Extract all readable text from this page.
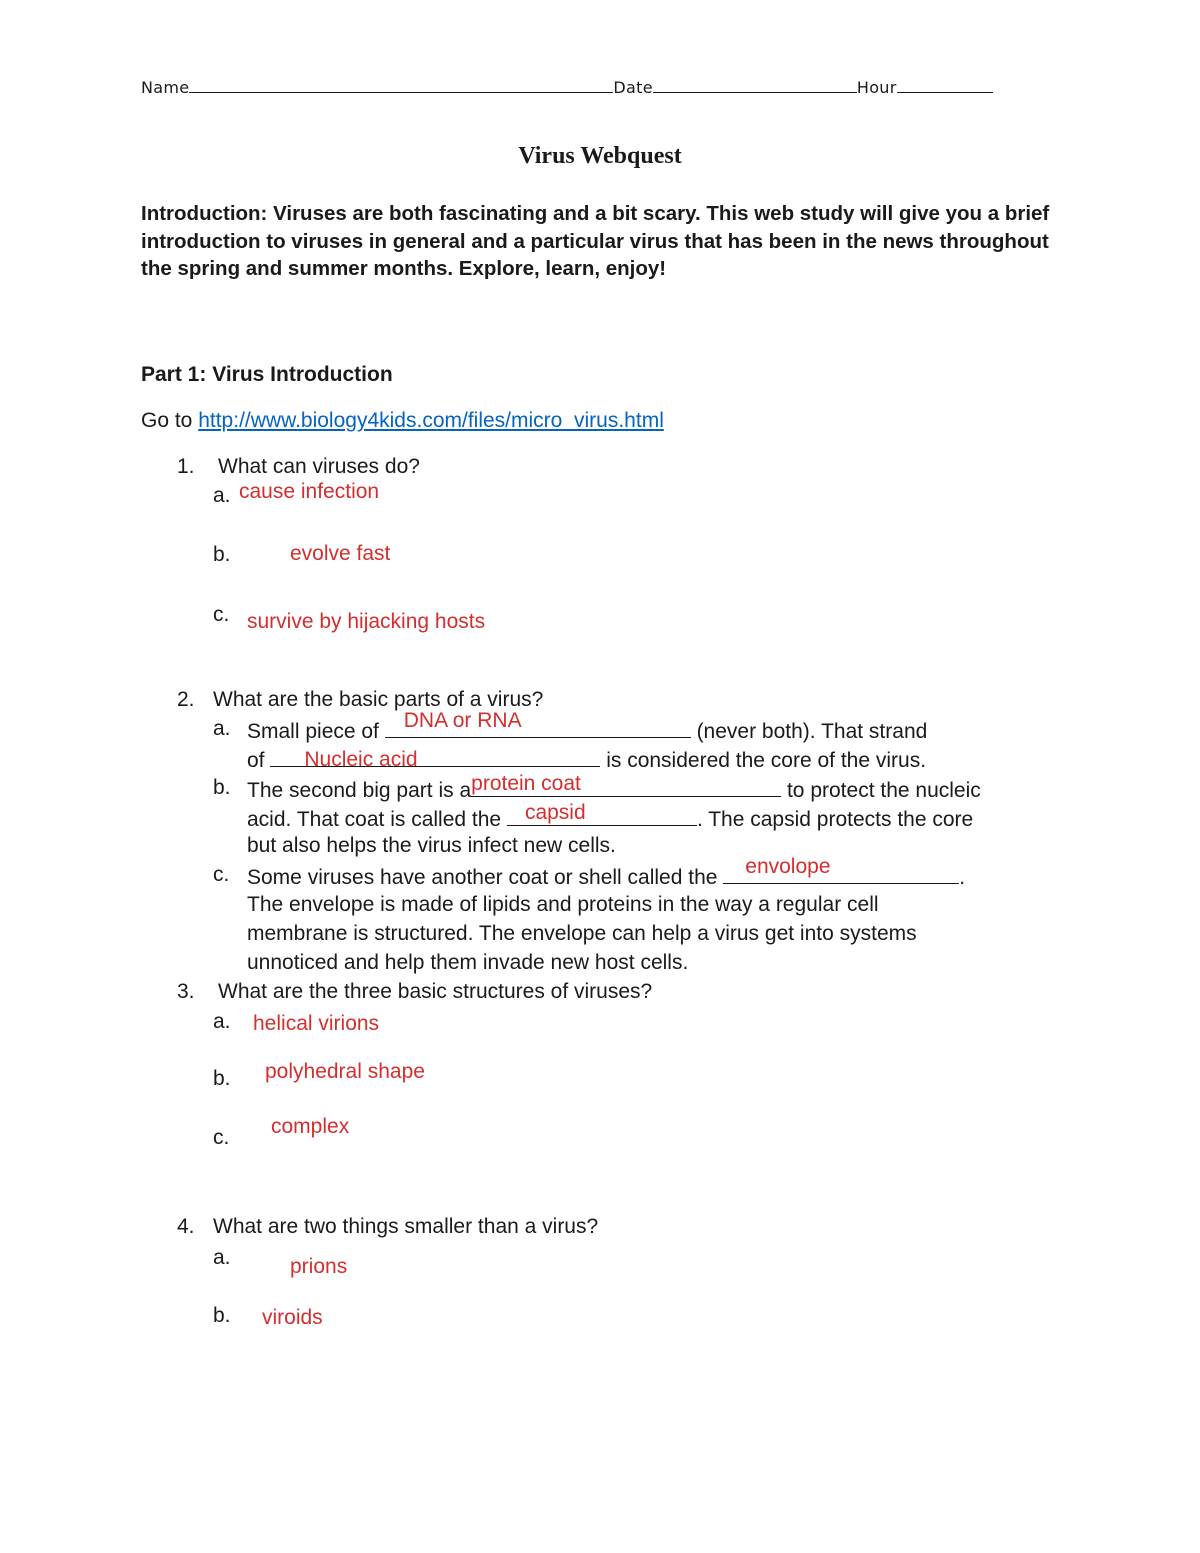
Name	Date	Hour
Virus Webquest
Introduction: Viruses are both fascinating and a bit scary. This web study will give you a brief introduction to viruses in general and a particular virus that has been in the news throughout the spring and summer months. Explore, learn, enjoy!
Part 1: Virus Introduction
Go to http://www.biology4kids.com/files/micro_virus.html
1. What can viruses do?
a. cause infection
b.	evolve fast
c. survive by hijacking hosts
2. What are the basic parts of a virus?
a. Small piece of DNA or RNA	(never both). That strand
of Nucleic acid	is considered the core of the virus.
b. The second big part is a protein coat	to protect the nucleic
acid. That coat is called the capsid	. The capsid protects the core
but also helps the virus infect new cells.
c. Some viruses have another coat or shell called the envolope	.
The envelope is made of lipids and proteins in the way a regular cell
membrane is structured. The envelope can help a virus get into systems
unnoticed and help them invade new host cells.
3. What are the three basic structures of viruses?
a. helical virions
b. polyhedral shape
c. complex
4. What are two things smaller than a virus?
a.	prions
b. viroids
